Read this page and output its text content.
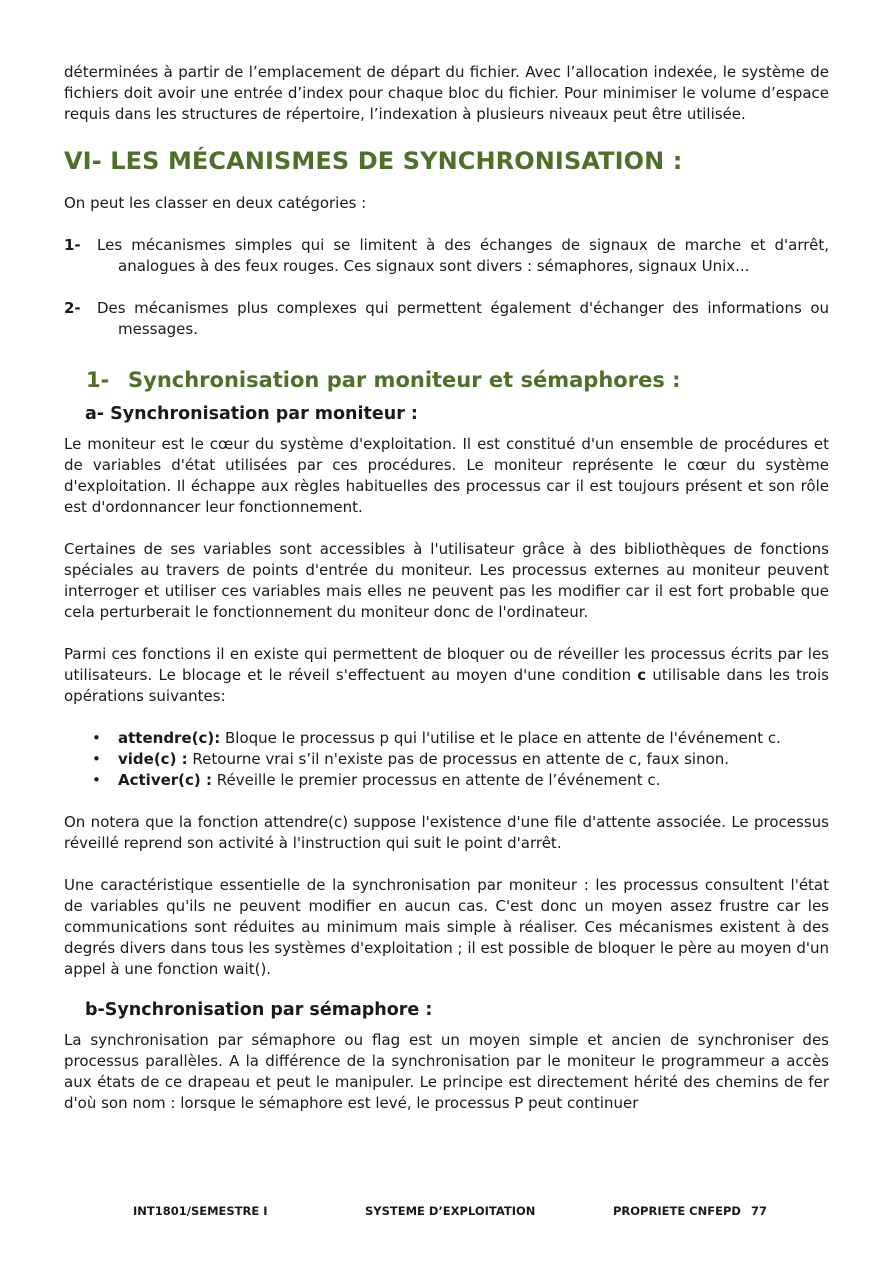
déterminées à partir de l’emplacement de départ du fichier. Avec l’allocation indexée, le système de fichiers doit avoir une entrée d’index pour chaque bloc du fichier. Pour minimiser le volume d’espace requis dans les structures de répertoire, l’indexation à plusieurs niveaux peut être utilisée.

VI- LES MÉCANISMES DE SYNCHRONISATION :

On peut les classer en deux catégories :

1- Les mécanismes simples qui se limitent à des échanges de signaux de marche et d'arrêt, analogues à des feux rouges. Ces signaux sont divers : sémaphores, signaux Unix...
2- Des mécanismes plus complexes qui permettent également d'échanger des informations ou messages.
1- Synchronisation par moniteur et sémaphores :
a- Synchronisation par moniteur :

Le moniteur est le cœur du système d'exploitation. Il est constitué d'un ensemble de procédures et de variables d'état utilisées par ces procédures. Le moniteur représente le cœur du système d'exploitation. Il échappe aux règles habituelles des processus car il est toujours présent et son rôle est d'ordonnancer leur fonctionnement.

Certaines de ses variables sont accessibles à l'utilisateur grâce à des bibliothèques de fonctions spéciales au travers de points d'entrée du moniteur. Les processus externes au moniteur peuvent interroger et utiliser ces variables mais elles ne peuvent pas les modifier car il est fort probable que cela perturberait le fonctionnement du moniteur donc de l'ordinateur.

Parmi ces fonctions il en existe qui permettent de bloquer ou de réveiller les processus écrits par les utilisateurs. Le blocage et le réveil s'effectuent au moyen d'une condition c utilisable dans les trois opérations suivantes:

• attendre(c): Bloque le processus p qui l'utilise et le place en attente de l'événement c.
• vide(c) : Retourne vrai s’il n'existe pas de processus en attente de c, faux sinon.
• Activer(c) : Réveille le premier processus en attente de l’événement c.

On notera que la fonction attendre(c) suppose l'existence d'une file d'attente associée. Le processus réveillé reprend son activité à l'instruction qui suit le point d'arrêt.

Une caractéristique essentielle de la synchronisation par moniteur : les processus consultent l'état de variables qu'ils ne peuvent modifier en aucun cas. C'est donc un moyen assez frustre car les communications sont réduites au minimum mais simple à réaliser. Ces mécanismes existent à des degrés divers dans tous les systèmes d'exploitation ; il est possible de bloquer le père au moyen d'un appel à une fonction wait().

b-Synchronisation par sémaphore :

La synchronisation par sémaphore ou flag est un moyen simple et ancien de synchroniser des processus parallèles. A la différence de la synchronisation par le moniteur le programmeur a accès aux états de ce drapeau et peut le manipuler. Le principe est directement hérité des chemins de fer d'où son nom : lorsque le sémaphore est levé, le processus P peut continuer

INT1801/SEMESTRE I	SYSTEME D’EXPLOITATION	PROPRIETE CNFEPD 77
